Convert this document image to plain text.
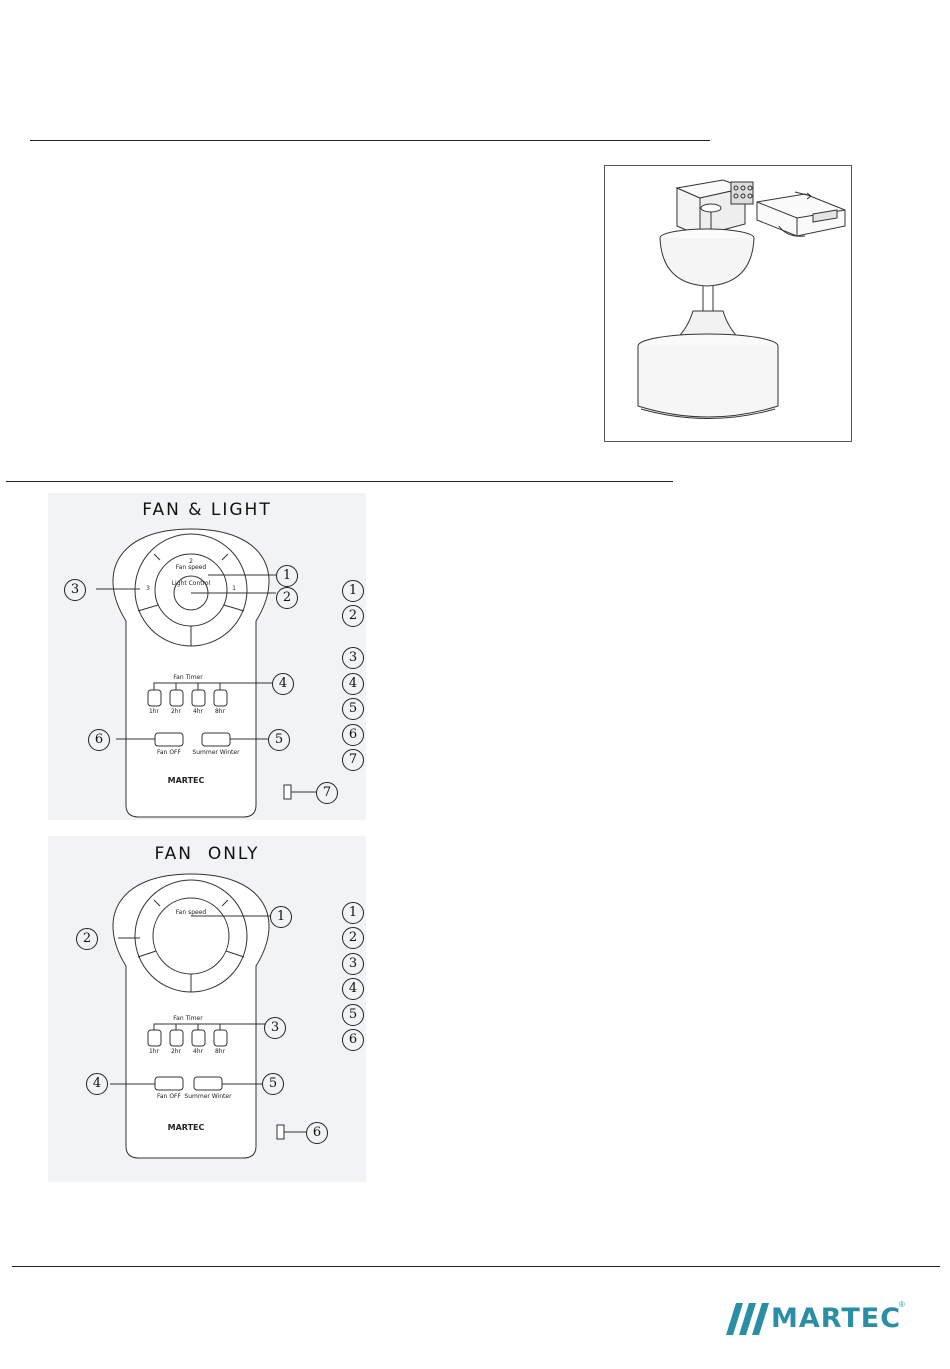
FAN & LIGHT
Fan speed
Light Control
3	1
2
Fan Timer
1hr 2hr 4hr 8hr
Fan OFF Summer Winter
MARTEC
1
2
3
4
5
6
7
1
2
3
4
5
6
7
FAN  ONLY
Fan speed
Fan Timer
1hr 2hr 4hr 8hr
Fan OFF Summer Winter
MARTEC
1
2
3
4	5
6
1
2
3
4
5
6
MARTEC
®
